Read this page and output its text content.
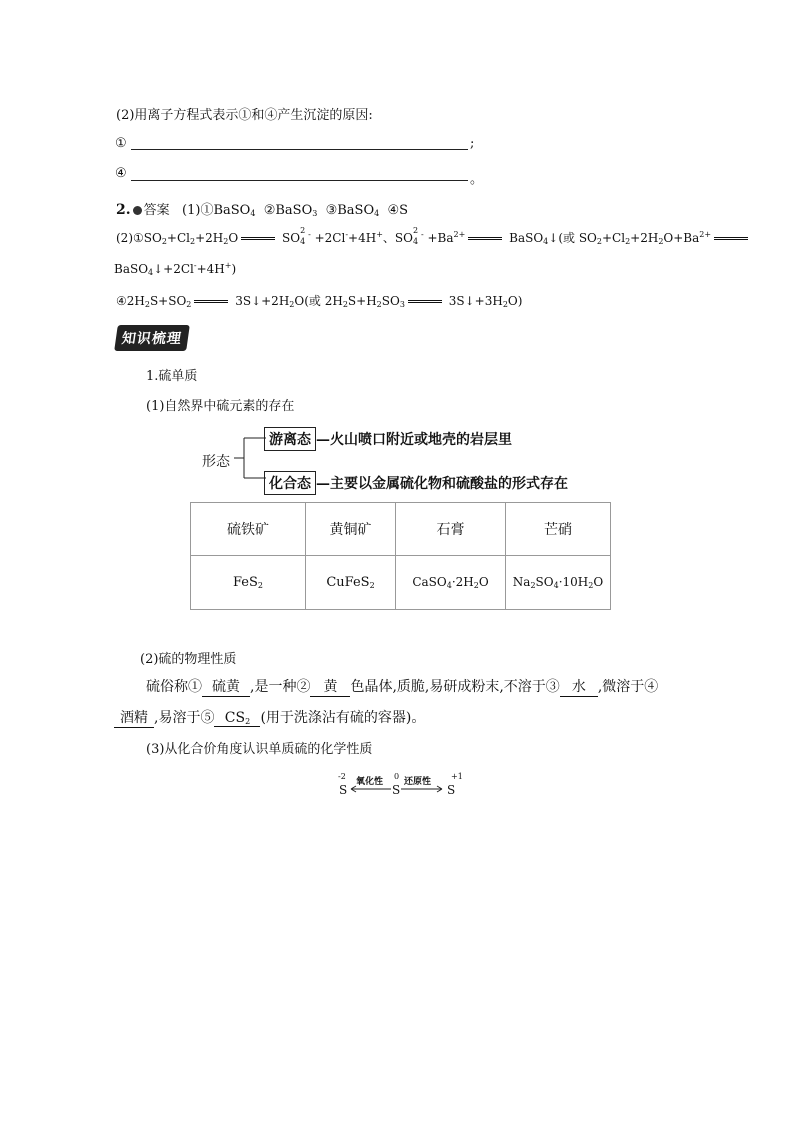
(2)用离子方程式表示①和④产生沉淀的原因:
①	;
④	。
2. 答案 (1)①BaSO$_4$ ②BaSO$_3$ ③BaSO$_4$ ④S
$(2)①SO_2+Cl_2+2H_2O$	SO
2
4
- +2Cl-+4H+、SO
2
4
$^- +Ba^{2+}$	BaSO$_4$↓(或 $SO_2+Cl_2+2H_2O+Ba^{2+}$
BaSO$_4$↓+2Cl-+4H+)
$④2H_2S+SO_2$	$3S↓+2H_2O$(或 $2H_2S+H_2SO_3$	$3S↓+3H_2O$)
知识梳理
1.硫单质
(1)自然界中硫元素的存在
形态
游离态 —火山喷口附近或地壳的岩层里
化合态 —主要以金属硫化物和硫酸盐的形式存在
硫铁矿	黄铜矿	石膏	芒硝
FeS$_2$	CuFeS$_2$	$CaSO_4\cdot 2H_2O$	$Na_2SO_4\cdot 10H_2O$
(2)硫的物理性质
硫俗称① 硫黄 ,是一种② 黄 色晶体,质脆,易研成粉末,不溶于③ 水 ,微溶于④
酒精 ,易溶于⑤ $CS_2$ (用于洗涤沾有硫的容器)。
(3)从化合价角度认识单质硫的化学性质
-2
S
氧化性
0
S
还原性
+1
S
